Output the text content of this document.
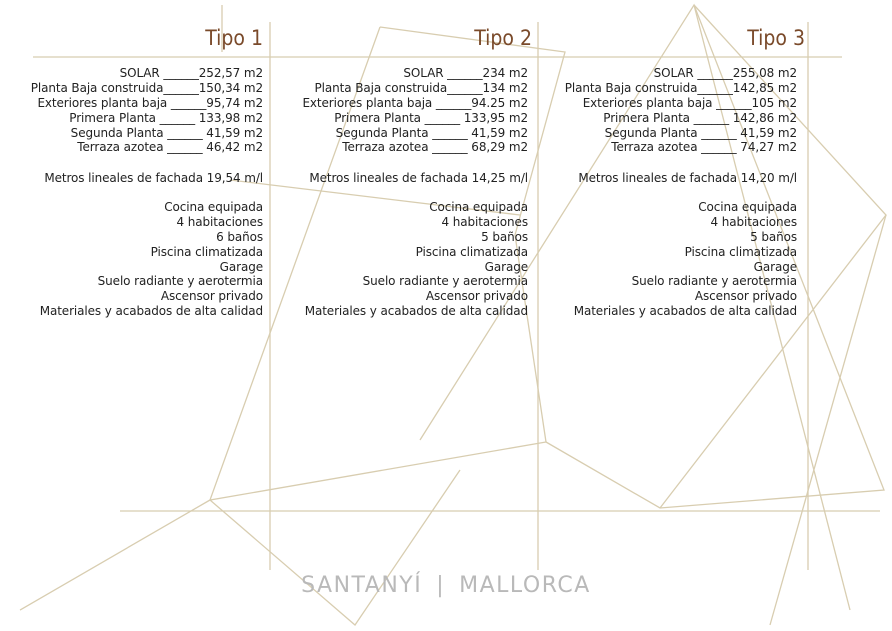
Tipo 1
SOLAR ______252,57 m2
Planta Baja construida______150,34 m2
Exteriores planta baja ______95,74 m2
Primera Planta ______ 133,98 m2
Segunda Planta ______ 41,59 m2
Terraza azotea ______ 46,42 m2
Metros lineales de fachada 19,54 m/l
Cocina equipada
4 habitaciones
6 baños
Piscina climatizada
Garage
Suelo radiante y aerotermia
Ascensor privado
Materiales y acabados de alta calidad
Tipo 2
SOLAR ______234 m2
Planta Baja construida______134 m2
Exteriores planta baja ______94.25 m2
Primera Planta ______ 133,95 m2
Segunda Planta ______ 41,59 m2
Terraza azotea ______ 68,29 m2
Metros lineales de fachada 14,25 m/l
Cocina equipada
4 habitaciones
5 baños
Piscina climatizada
Garage
Suelo radiante y aerotermia
Ascensor privado
Materiales y acabados de alta calidad
Tipo 3
SOLAR ______255,08 m2
Planta Baja construida______142,85 m2
Exteriores planta baja ______105 m2
Primera Planta ______ 142,86 m2
Segunda Planta ______ 41,59 m2
Terraza azotea ______ 74,27 m2
Metros lineales de fachada 14,20 m/l
Cocina equipada
4 habitaciones
5 baños
Piscina climatizada
Garage
Suelo radiante y aerotermia
Ascensor privado
Materiales y acabados de alta calidad
SANTANYÍ | MALLORCA
